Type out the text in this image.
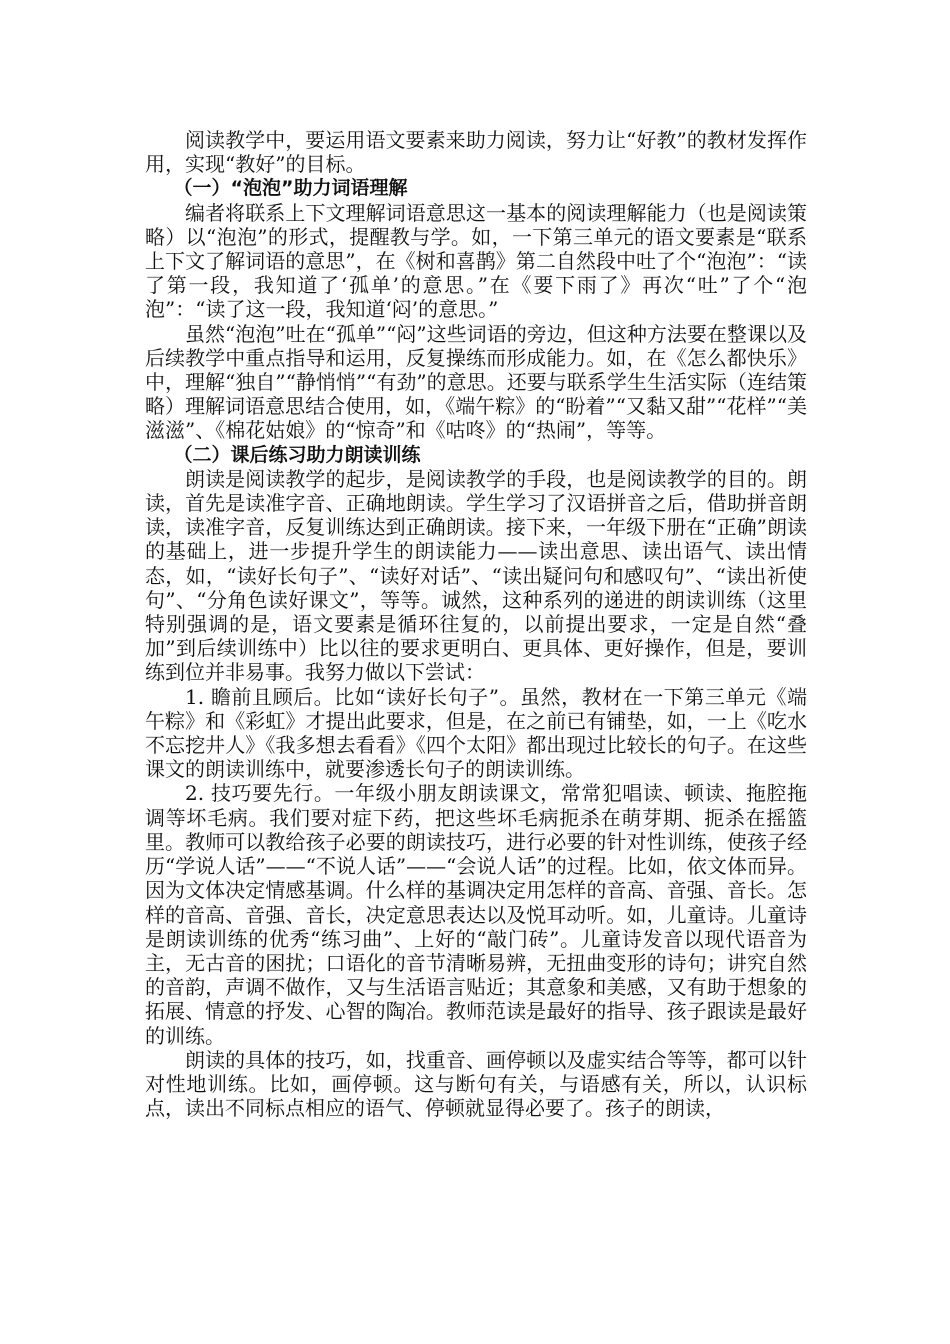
阅读教学中，要运用语文要素来助力阅读，努力让“好教”的教材发挥作用，实现“教好”的目标。

（一）“泡泡”助力词语理解

编者将联系上下文理解词语意思这一基本的阅读理解能力（也是阅读策略）以“泡泡”的形式，提醒教与学。如，一下第三单元的语文要素是“联系上下文了解词语的意思”，在《树和喜鹊》第二自然段中吐了个“泡泡”：“读了第一段，我知道了‘孤单’的意思。”在《要下雨了》再次“吐”了个“泡泡”：“读了这一段，我知道‘闷’的意思。”

虽然“泡泡”吐在“孤单”“闷”这些词语的旁边，但这种方法要在整课以及后续教学中重点指导和运用，反复操练而形成能力。如，在《怎么都快乐》中，理解“独自”“静悄悄”“有劲”的意思。还要与联系学生生活实际（连结策略）理解词语意思结合使用，如，《端午粽》的“盼着”“又黏又甜”“花样”“美滋滋”、《棉花姑娘》的“惊奇”和《咕咚》的“热闹”，等等。

（二）课后练习助力朗读训练

朗读是阅读教学的起步，是阅读教学的手段，也是阅读教学的目的。朗读，首先是读准字音、正确地朗读。学生学习了汉语拼音之后，借助拼音朗读，读准字音，反复训练达到正确朗读。接下来，一年级下册在“正确”朗读的基础上，进一步提升学生的朗读能力——读出意思、读出语气、读出情态，如，“读好长句子”、“读好对话”、“读出疑问句和感叹句”、“读出祈使句”、“分角色读好课文”，等等。诚然，这种系列的递进的朗读训练（这里特别强调的是，语文要素是循环往复的，以前提出要求，一定是自然“叠加”到后续训练中）比以往的要求更明白、更具体、更好操作，但是，要训练到位并非易事。我努力做以下尝试：

1. 瞻前且顾后。比如“读好长句子”。虽然，教材在一下第三单元《端午粽》和《彩虹》才提出此要求，但是，在之前已有铺垫，如，一上《吃水不忘挖井人》《我多想去看看》《四个太阳》都出现过比较长的句子。在这些课文的朗读训练中，就要渗透长句子的朗读训练。

2. 技巧要先行。一年级小朋友朗读课文，常常犯唱读、顿读、拖腔拖调等坏毛病。我们要对症下药，把这些坏毛病扼杀在萌芽期、扼杀在摇篮里。教师可以教给孩子必要的朗读技巧，进行必要的针对性训练，使孩子经历“学说人话”——“不说人话”——“会说人话”的过程。比如，依文体而异。因为文体决定情感基调。什么样的基调决定用怎样的音高、音强、音长。怎样的音高、音强、音长，决定意思表达以及悦耳动听。如，儿童诗。儿童诗是朗读训练的优秀“练习曲”、上好的“敲门砖”。儿童诗发音以现代语音为主，无古音的困扰；口语化的音节清晰易辨，无扭曲变形的诗句；讲究自然的音韵，声调不做作，又与生活语言贴近；其意象和美感，又有助于想象的拓展、情意的抒发、心智的陶冶。教师范读是最好的指导、孩子跟读是最好的训练。

朗读的具体的技巧，如，找重音、画停顿以及虚实结合等等，都可以针对性地训练。比如，画停顿。这与断句有关，与语感有关，所以，认识标点，读出不同标点相应的语气、停顿就显得必要了。孩子的朗读，
